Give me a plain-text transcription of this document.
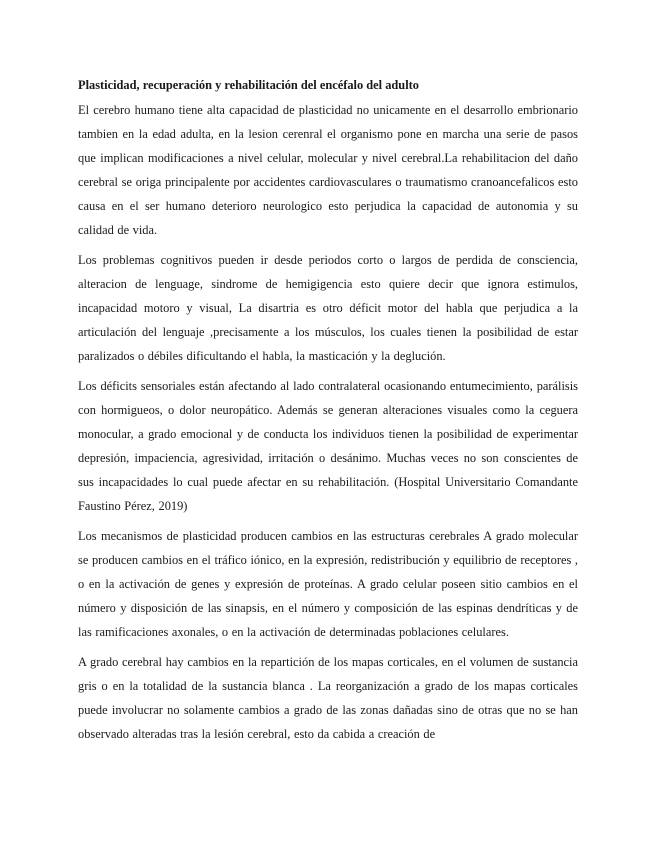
Plasticidad, recuperación y rehabilitación del encéfalo del adulto

El cerebro humano tiene alta capacidad de plasticidad no unicamente en el desarrollo embrionario tambien en la edad adulta, en la lesion cerenral el organismo pone en marcha una serie de pasos que implican modificaciones a nivel celular, molecular y nivel cerebral.La rehabilitacion del daño cerebral se origa principalente por accidentes cardiovasculares o traumatismo cranoancefalicos esto causa en el ser humano deterioro neurologico esto perjudica la capacidad de autonomia y su calidad de vida.

Los problemas cognitivos pueden ir desde periodos corto o largos de perdida de consciencia, alteracion de lenguage, sindrome de hemigigencia esto quiere decir que ignora estimulos, incapacidad motoro y visual, La disartria es otro déficit motor del habla que perjudica a la articulación del lenguaje ,precisamente a los músculos, los cuales tienen la posibilidad de estar paralizados o débiles dificultando el habla, la masticación y la deglución.

Los déficits sensoriales están afectando al lado contralateral ocasionando entumecimiento, parálisis con hormigueos, o dolor neuropático. Además se generan alteraciones visuales como la ceguera monocular, a grado emocional y de conducta los individuos tienen la posibilidad de experimentar depresión, impaciencia, agresividad, irritación o desánimo. Muchas veces no son conscientes de sus incapacidades lo cual puede afectar en su rehabilitación. (Hospital Universitario Comandante Faustino Pérez, 2019)

Los mecanismos de plasticidad producen cambios en las estructuras cerebrales A grado molecular se producen cambios en el tráfico iónico, en la expresión, redistribución y equilibrio de receptores , o en la activación de genes y expresión de proteínas. A grado celular poseen sitio cambios en el número y disposición de las sinapsis, en el número y composición de las espinas dendríticas y de las ramificaciones axonales, o en la activación de determinadas poblaciones celulares.

A grado cerebral hay cambios en la repartición de los mapas corticales, en el volumen de sustancia gris o en la totalidad de la sustancia blanca . La reorganización a grado de los mapas corticales puede involucrar no solamente cambios a grado de las zonas dañadas sino de otras que no se han observado alteradas tras la lesión cerebral, esto da cabida a creación de
